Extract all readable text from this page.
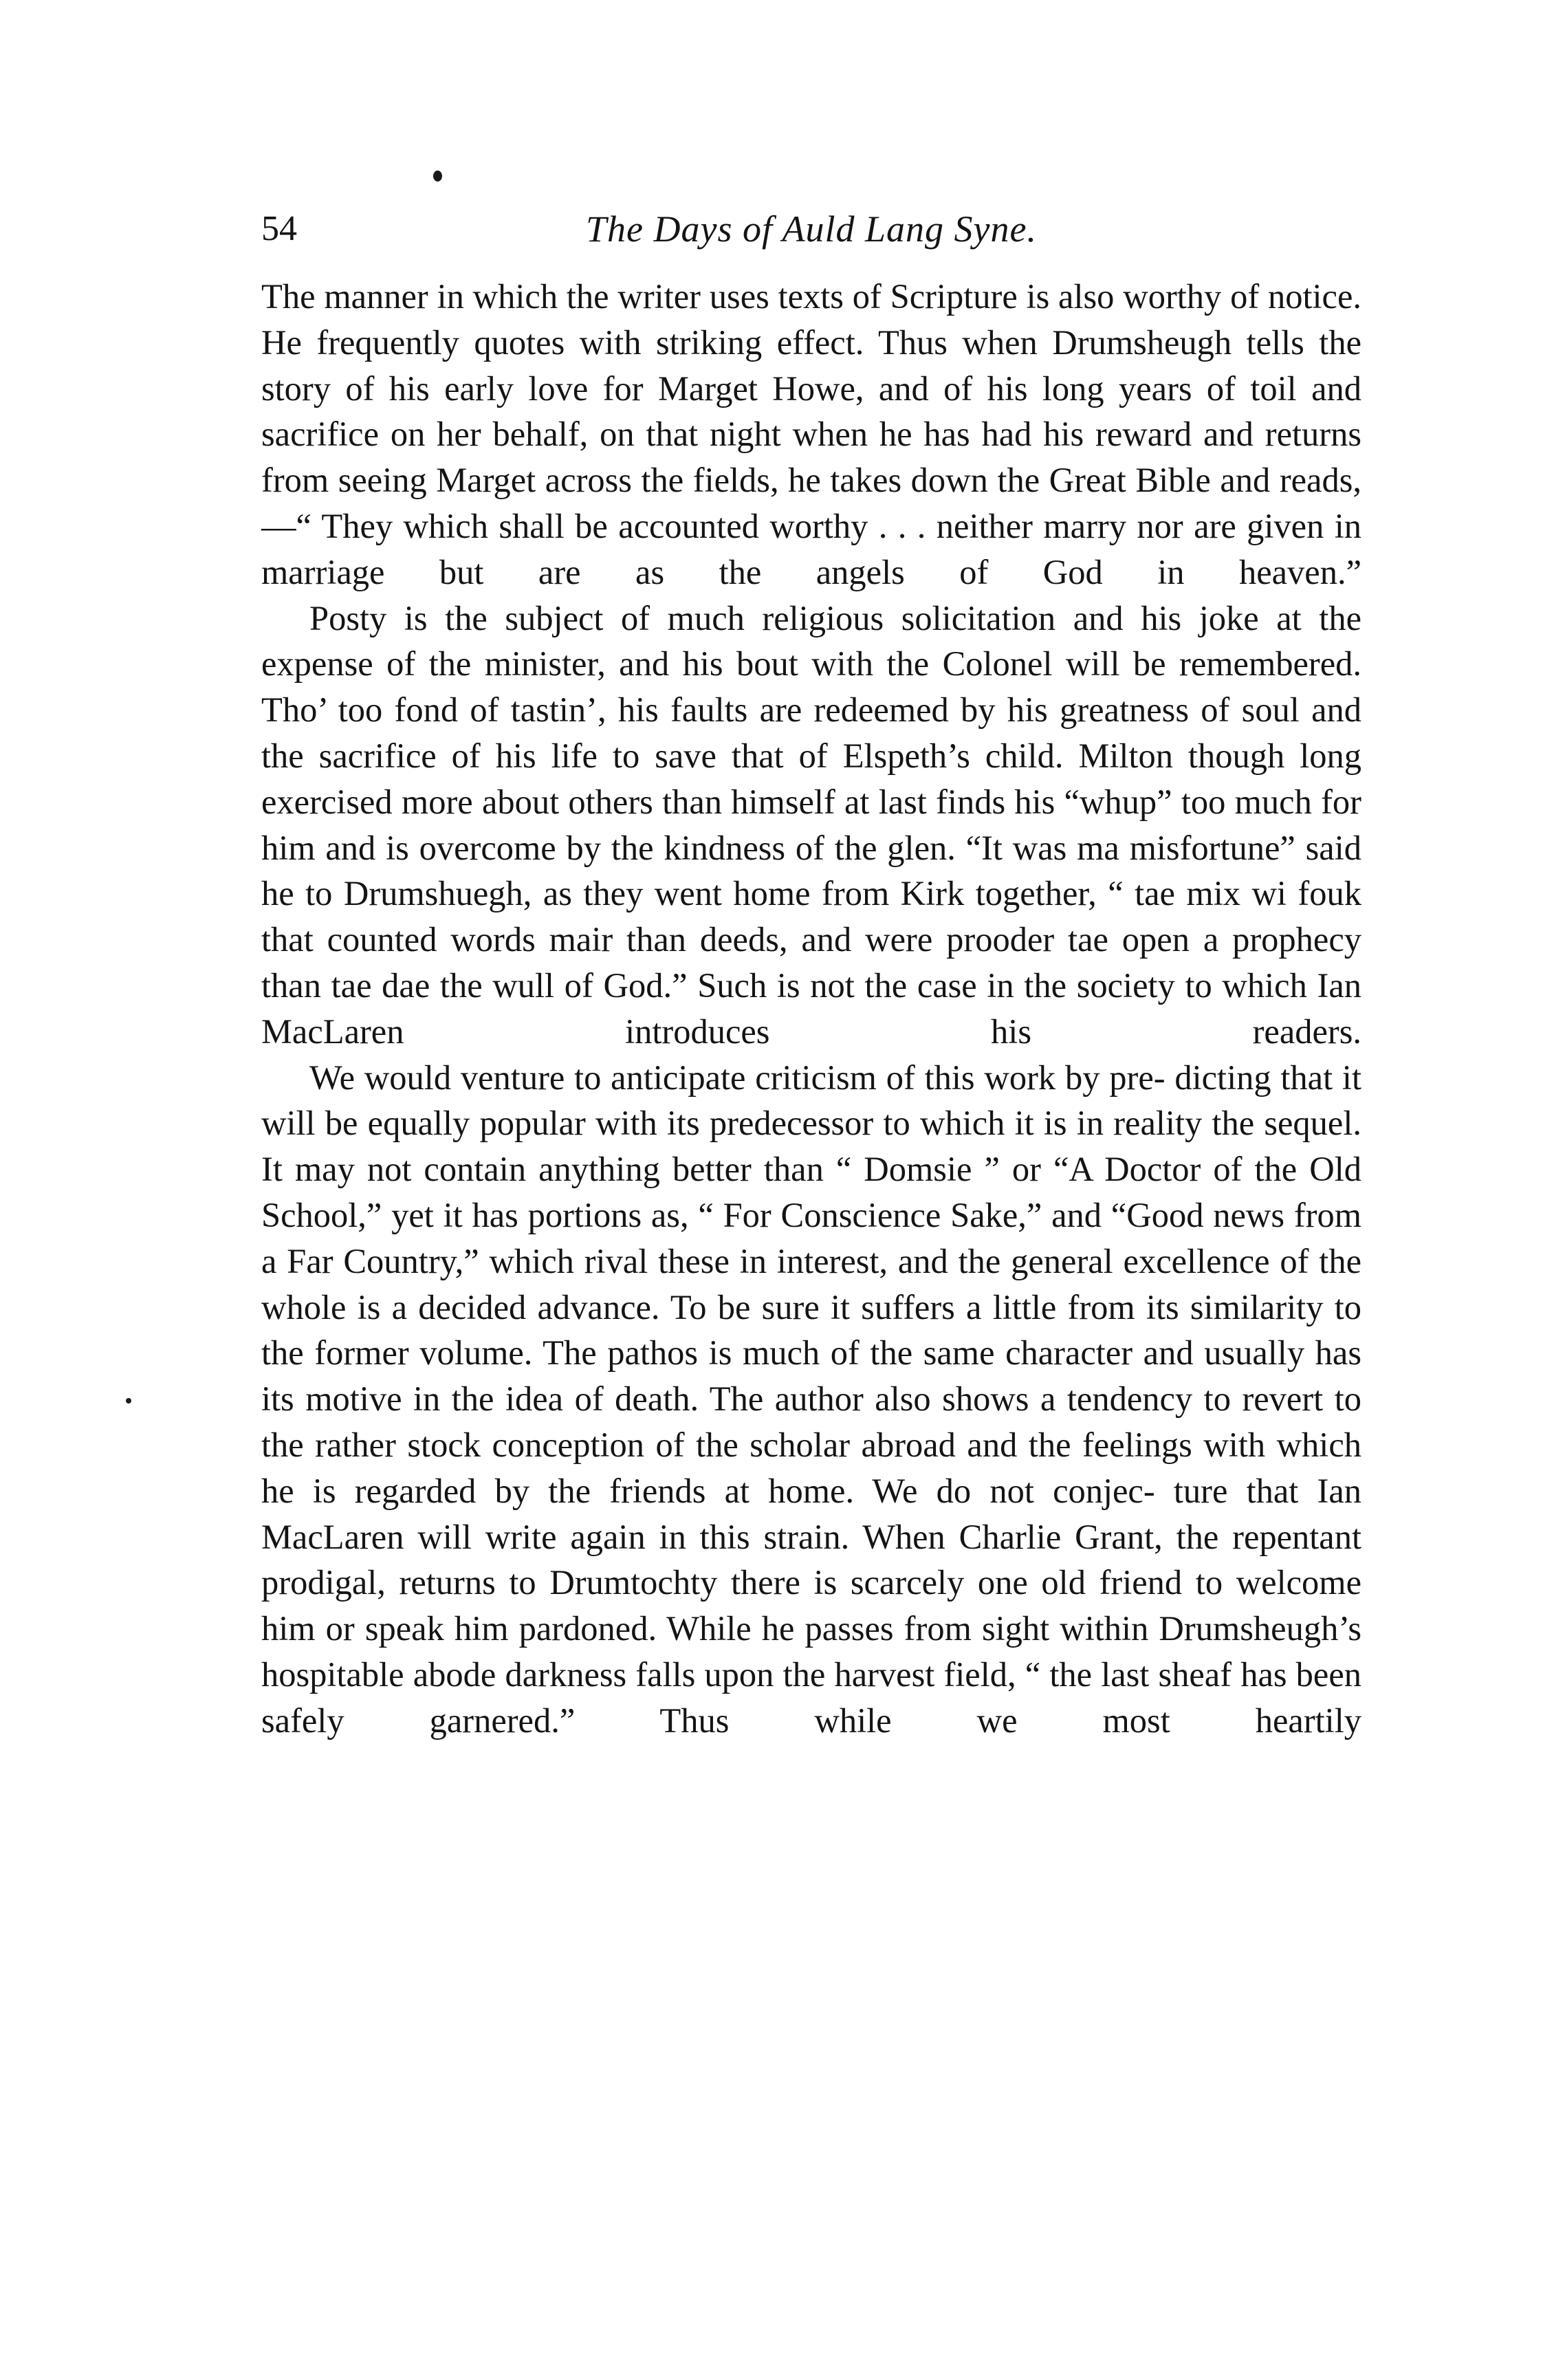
54	The Days of Auld Lang Syne.

The manner in which the writer uses texts of Scripture is also worthy of notice. He frequently quotes with striking effect. Thus when Drumsheugh tells the story of his early love for Marget Howe, and of his long years of toil and sacrifice on her behalf, on that night when he has had his reward and returns from seeing Marget across the fields, he takes down the Great Bible and reads,—“ They which shall be accounted worthy . . . neither marry nor are given in marriage but are as the angels of God in heaven.”

Posty is the subject of much religious solicitation and his joke at the expense of the minister, and his bout with the Colonel will be remembered. Tho’ too fond of tastin’, his faults are redeemed by his greatness of soul and the sacrifice of his life to save that of Elspeth’s child. Milton though long exercised more about others than himself at last finds his “whup” too much for him and is overcome by the kindness of the glen. “It was ma misfortune” said he to Drumshuegh, as they went home from Kirk together, “ tae mix wi fouk that counted words mair than deeds, and were prooder tae open a prophecy than tae dae the wull of God.” Such is not the case in the society to which Ian MacLaren introduces his readers.

We would venture to anticipate criticism of this work by pre- dicting that it will be equally popular with its predecessor to which it is in reality the sequel. It may not contain anything better than “ Domsie ” or “A Doctor of the Old School,” yet it has portions as, “ For Conscience Sake,” and “Good news from a Far Country,” which rival these in interest, and the general excellence of the whole is a decided advance. To be sure it suffers a little from its similarity to the former volume. The pathos is much of the same character and usually has its motive in the idea of death. The author also shows a tendency to revert to the rather stock conception of the scholar abroad and the feelings with which he is regarded by the friends at home. We do not conjec- ture that Ian MacLaren will write again in this strain. When Charlie Grant, the repentant prodigal, returns to Drumtochty there is scarcely one old friend to welcome him or speak him pardoned. While he passes from sight within Drumsheugh’s hospitable abode darkness falls upon the harvest field, “ the last sheaf has been safely garnered.” Thus while we most heartily
